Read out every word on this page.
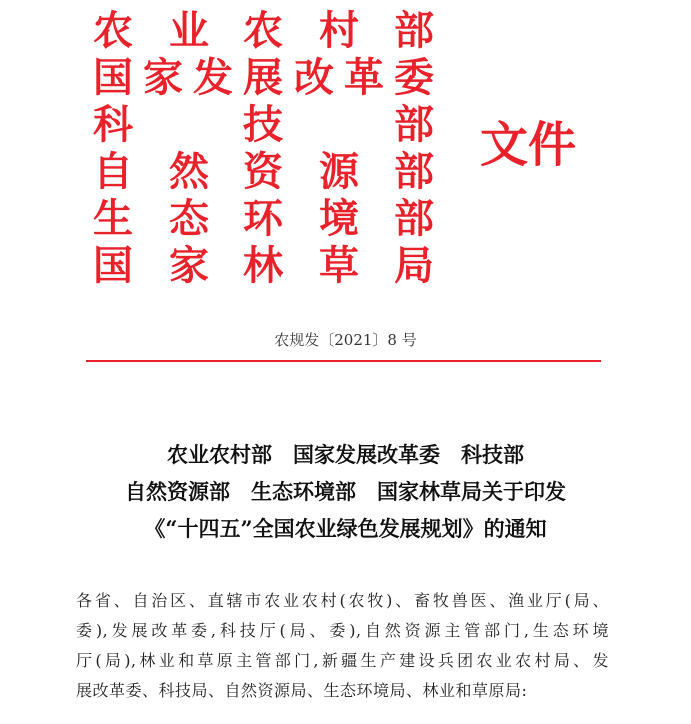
农 业 农 村 部
国 家 发 展 改 革 委
科	技	部
自 然 资 源 部
生 态 环 境 部
国 家 林 草 局
文件
农规发〔2021〕8 号
农业农村部　国家发展改革委　科技部
自然资源部　生态环境部　国家林草局关于印发
《“十四五”全国农业绿色发展规划》的通知
各省、自治区、直辖市农业农村(农牧)、畜牧兽医、渔业厅(局、
委),发展改革委,科技厅(局、委),自然资源主管部门,生态环境
厅(局),林业和草原主管部门,新疆生产建设兵团农业农村局、发
展改革委、科技局、自然资源局、生态环境局、林业和草原局:
